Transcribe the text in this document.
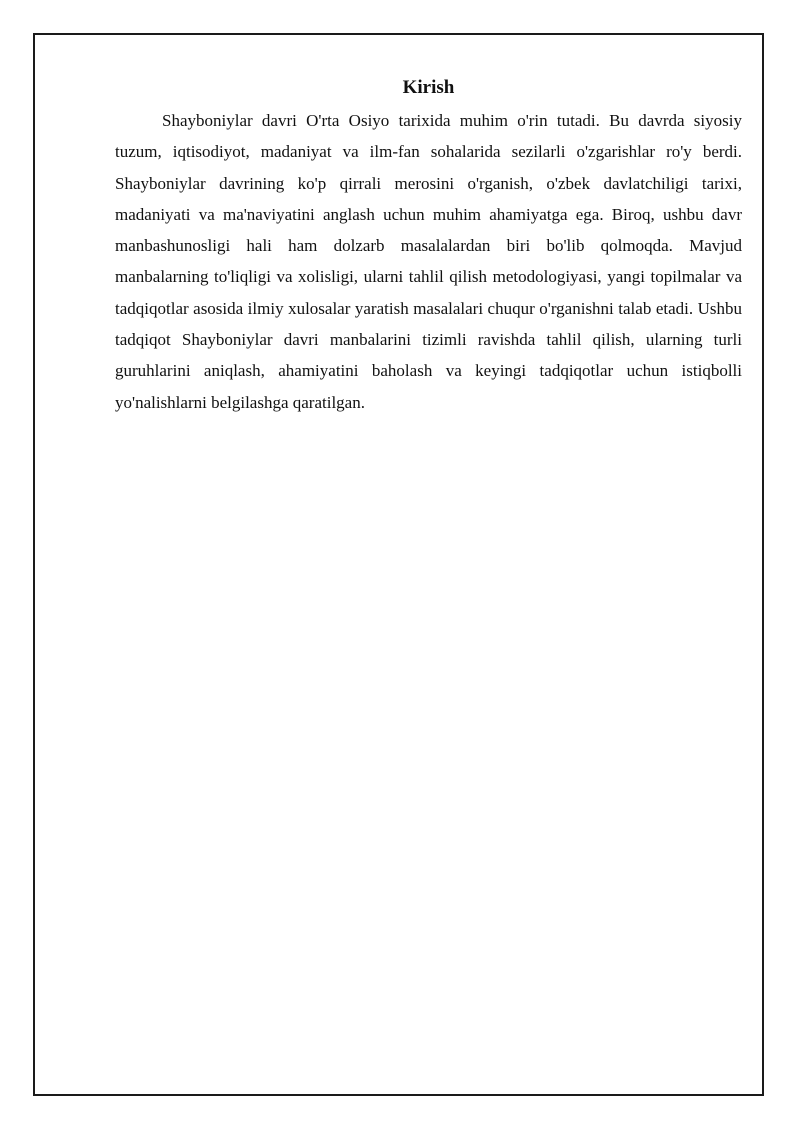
Kirish

Shayboniylar davri O'rta Osiyo tarixida muhim o'rin tutadi. Bu davrda siyosiy tuzum, iqtisodiyot, madaniyat va ilm-fan sohalarida sezilarli o'zgarishlar ro'y berdi. Shayboniylar davrining ko'p qirrali merosini o'rganish, o'zbek davlatchiligi tarixi, madaniyati va ma'naviyatini anglash uchun muhim ahamiyatga ega. Biroq, ushbu davr manbashunosligi hali ham dolzarb masalalardan biri bo'lib qolmoqda. Mavjud manbalarning to'liqligi va xolisligi, ularni tahlil qilish metodologiyasi, yangi topilmalar va tadqiqotlar asosida ilmiy xulosalar yaratish masalalari chuqur o'rganishni talab etadi. Ushbu tadqiqot Shayboniylar davri manbalarini tizimli ravishda tahlil qilish, ularning turli guruhlarini aniqlash, ahamiyatini baholash va keyingi tadqiqotlar uchun istiqbolli yo'nalishlarni belgilashga qaratilgan.
